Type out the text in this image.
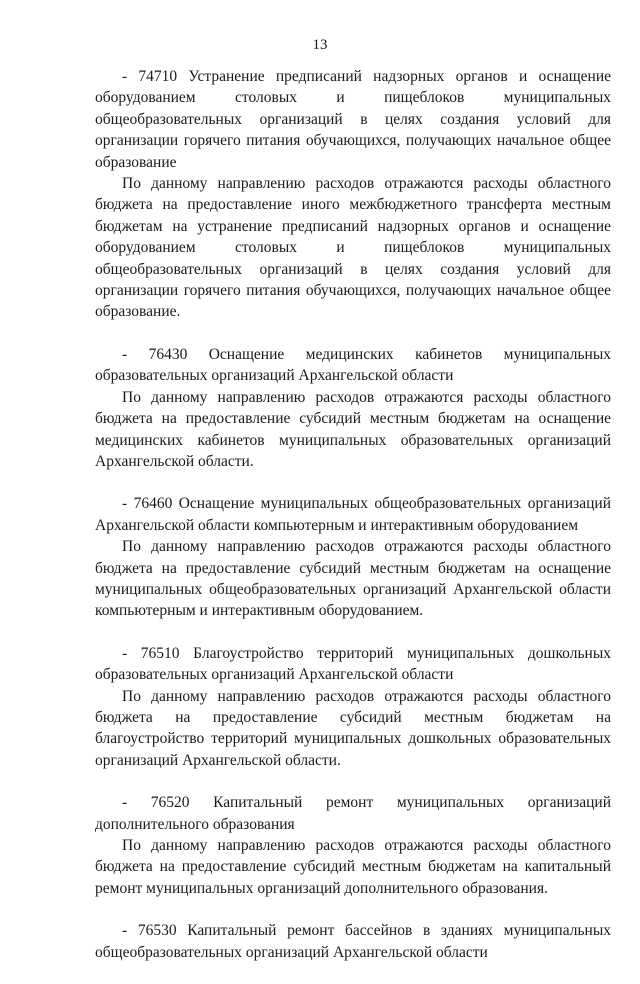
13

- 74710 Устранение предписаний надзорных органов и оснащение оборудованием столовых и пищеблоков муниципальных общеобразовательных организаций в целях создания условий для организации горячего питания обучающихся, получающих начальное общее образование

По данному направлению расходов отражаются расходы областного бюджета на предоставление иного межбюджетного трансферта местным бюджетам на устранение предписаний надзорных органов и оснащение оборудованием столовых и пищеблоков муниципальных общеобразовательных организаций в целях создания условий для организации горячего питания обучающихся, получающих начальное общее образование.

- 76430 Оснащение медицинских кабинетов муниципальных образовательных организаций Архангельской области

По данному направлению расходов отражаются расходы областного бюджета на предоставление субсидий местным бюджетам на оснащение медицинских кабинетов муниципальных образовательных организаций Архангельской области.

- 76460 Оснащение муниципальных общеобразовательных организаций Архангельской области компьютерным и интерактивным оборудованием

По данному направлению расходов отражаются расходы областного бюджета на предоставление субсидий местным бюджетам на оснащение муниципальных общеобразовательных организаций Архангельской области компьютерным и интерактивным оборудованием.

- 76510 Благоустройство территорий муниципальных дошкольных образовательных организаций Архангельской области

По данному направлению расходов отражаются расходы областного бюджета на предоставление субсидий местным бюджетам на благоустройство территорий муниципальных дошкольных образовательных организаций Архангельской области.

- 76520 Капитальный ремонт муниципальных организаций дополнительного образования

По данному направлению расходов отражаются расходы областного бюджета на предоставление субсидий местным бюджетам на капитальный ремонт муниципальных организаций дополнительного образования.

- 76530 Капитальный ремонт бассейнов в зданиях муниципальных общеобразовательных организаций Архангельской области
